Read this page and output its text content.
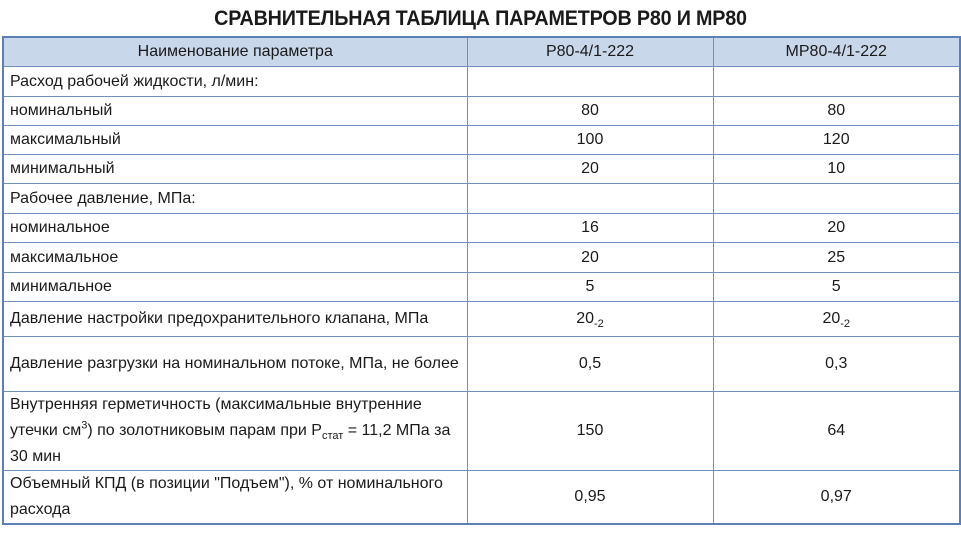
СРАВНИТЕЛЬНАЯ ТАБЛИЦА ПАРАМЕТРОВ Р80 И МР80
Наименование параметра	Р80-4/1-222	МР80-4/1-222
Расход рабочей жидкости, л/мин:		
номинальный	80	80
максимальный	100	120
минимальный	20	10
Рабочее давление, МПа:		
номинальное	16	20
максимальное	20	25
минимальное	5	5
Давление настройки предохранительного клапана, МПа	$20_{-2}$	$20_{-2}$
Давление разгрузки на номинальном потоке, МПа, не более	0,5	0,3
Внутренняя герметичность (максимальные внутренние утечки $см^3$) по золотниковым парам при $Р_{стат} = 11,2$ МПа за 30 мин	150	64
Объемный КПД (в позиции "Подъем"), % от номинального расхода	0,95	0,97
